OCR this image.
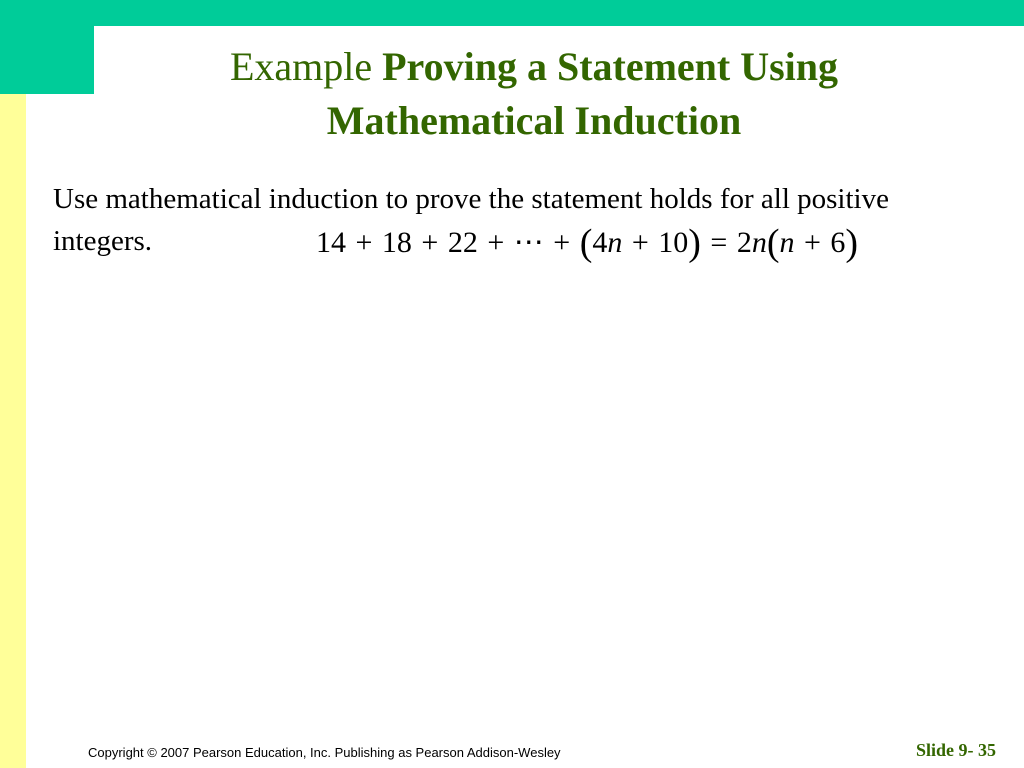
Example Proving a Statement Using
Mathematical Induction
Use mathematical induction to prove the statement holds for all positive integers.	14 + 18 + 22 + ⋯ + (4n + 10) = 2n(n + 6)
Copyright © 2007 Pearson Education, Inc. Publishing as Pearson Addison-Wesley	Slide 9- 35
